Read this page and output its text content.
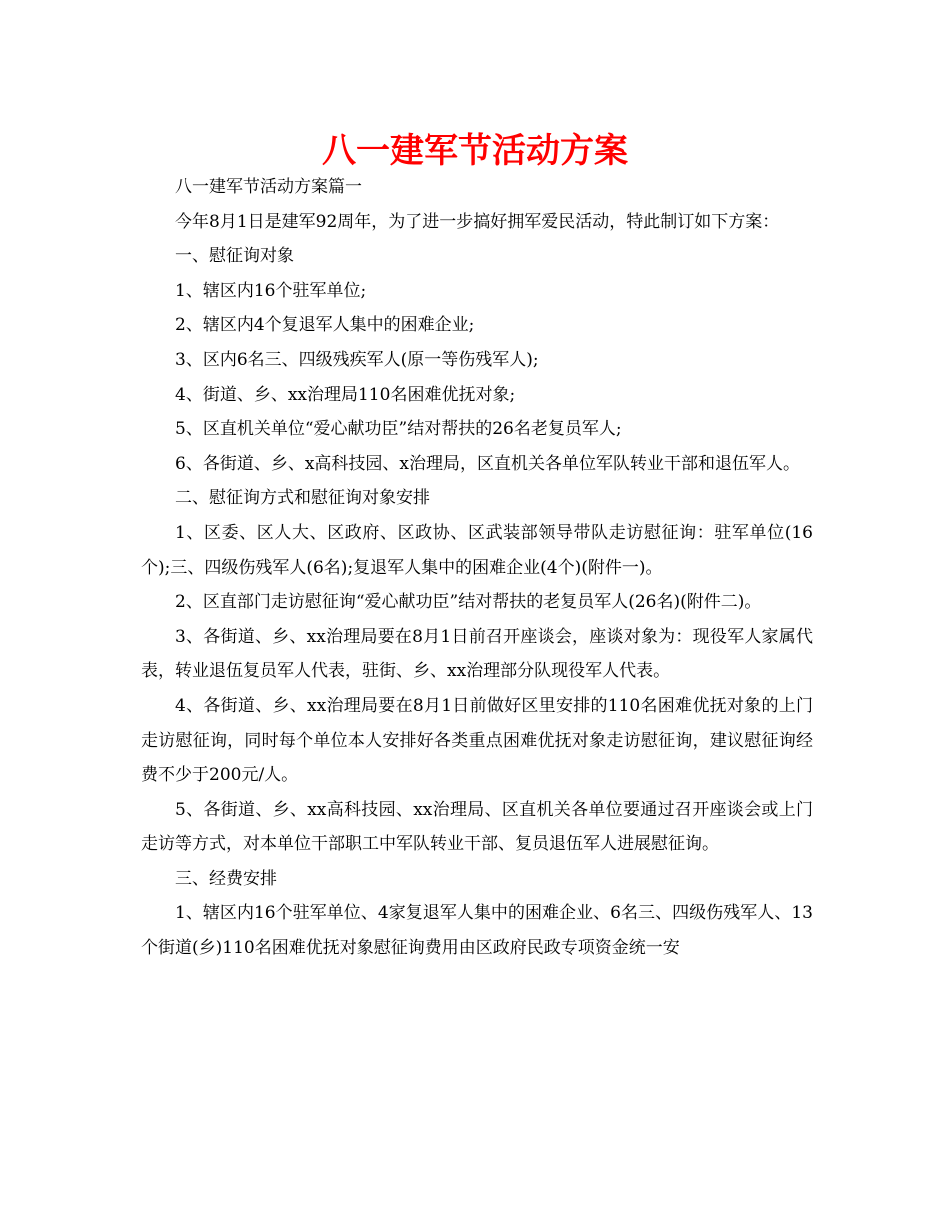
八一建军节活动方案

八一建军节活动方案篇一

今年8月1日是建军92周年，为了进一步搞好拥军爱民活动，特此制订如下方案：

一、慰征询对象

1、辖区内16个驻军单位;

2、辖区内4个复退军人集中的困难企业;

3、区内6名三、四级残疾军人(原一等伤残军人);

4、街道、乡、xx治理局110名困难优抚对象;

5、区直机关单位“爱心献功臣”结对帮扶的26名老复员军人;

6、各街道、乡、x高科技园、x治理局，区直机关各单位军队转业干部和退伍军人。

二、慰征询方式和慰征询对象安排

1、区委、区人大、区政府、区政协、区武装部领导带队走访慰征询：驻军单位(16个);三、四级伤残军人(6名);复退军人集中的困难企业(4个)(附件一)。

2、区直部门走访慰征询“爱心献功臣”结对帮扶的老复员军人(26名)(附件二)。

3、各街道、乡、xx治理局要在8月1日前召开座谈会，座谈对象为：现役军人家属代表，转业退伍复员军人代表，驻街、乡、xx治理部分队现役军人代表。

4、各街道、乡、xx治理局要在8月1日前做好区里安排的110名困难优抚对象的上门走访慰征询，同时每个单位本人安排好各类重点困难优抚对象走访慰征询，建议慰征询经费不少于200元/人。

5、各街道、乡、xx高科技园、xx治理局、区直机关各单位要通过召开座谈会或上门走访等方式，对本单位干部职工中军队转业干部、复员退伍军人进展慰征询。

三、经费安排

1、辖区内16个驻军单位、4家复退军人集中的困难企业、6名三、四级伤残军人、13个街道(乡)110名困难优抚对象慰征询费用由区政府民政专项资金统一安
